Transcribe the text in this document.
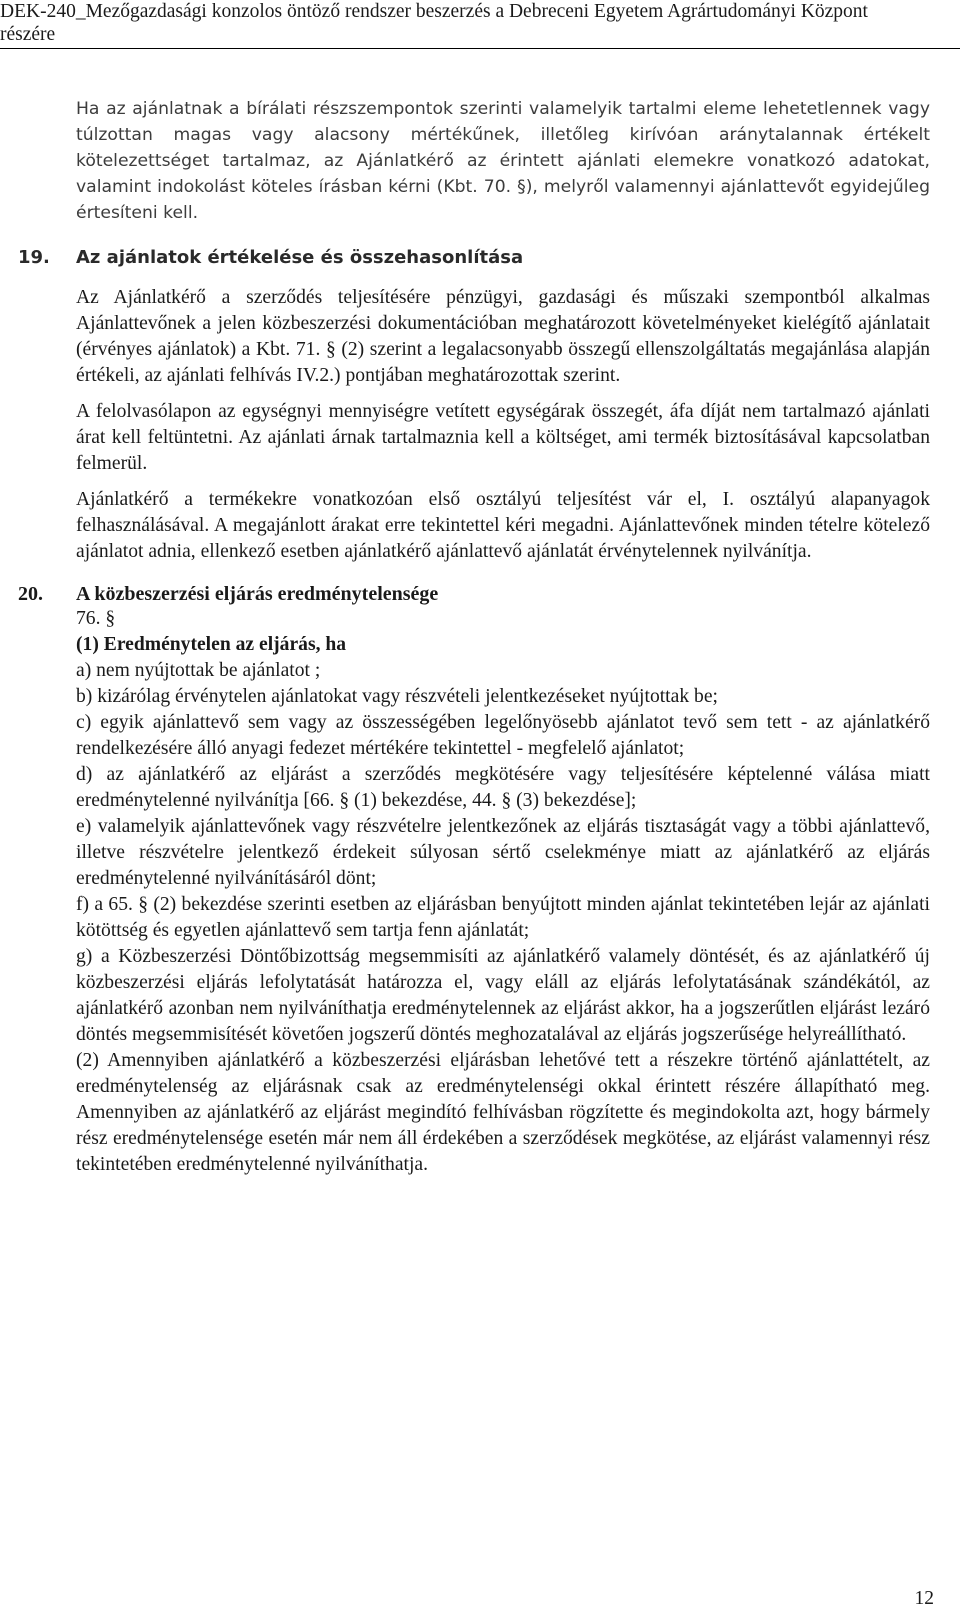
DEK-240_Mezőgazdasági konzolos öntöző rendszer beszerzés a Debreceni Egyetem Agrártudományi Központ
részére

Ha az ajánlatnak a bírálati részszempontok szerinti valamelyik tartalmi eleme lehetetlennek vagy túlzottan magas vagy alacsony mértékűnek, illetőleg kirívóan aránytalannak értékelt kötelezettséget tartalmaz, az Ajánlatkérő az érintett ajánlati elemekre vonatkozó adatokat, valamint indokolást köteles írásban kérni (Kbt. 70. §), melyről valamennyi ajánlattevőt egyidejűleg értesíteni kell.

19. Az ajánlatok értékelése és összehasonlítása

Az Ajánlatkérő a szerződés teljesítésére pénzügyi, gazdasági és műszaki szempontból alkalmas Ajánlattevőnek a jelen közbeszerzési dokumentációban meghatározott követelményeket kielégítő ajánlatait (érvényes ajánlatok) a Kbt. 71. § (2) szerint a legalacsonyabb összegű ellenszolgáltatás megajánlása alapján értékeli, az ajánlati felhívás IV.2.) pontjában meghatározottak szerint.

A felolvasólapon az egységnyi mennyiségre vetített egységárak összegét, áfa díját nem tartalmazó ajánlati árat kell feltüntetni. Az ajánlati árnak tartalmaznia kell a költséget, ami termék biztosításával kapcsolatban felmerül.

Ajánlatkérő a termékekre vonatkozóan első osztályú teljesítést vár el, I. osztályú alapanyagok felhasználásával. A megajánlott árakat erre tekintettel kéri megadni. Ajánlattevőnek minden tételre kötelező ajánlatot adnia, ellenkező esetben ajánlatkérő ajánlattevő ajánlatát érvénytelennek nyilvánítja.

20. A közbeszerzési eljárás eredménytelensége
76. §
(1) Eredménytelen az eljárás, ha

a) nem nyújtottak be ajánlatot ;

b) kizárólag érvénytelen ajánlatokat vagy részvételi jelentkezéseket nyújtottak be;

c) egyik ajánlattevő sem vagy az összességében legelőnyösebb ajánlatot tevő sem tett - az ajánlatkérő rendelkezésére álló anyagi fedezet mértékére tekintettel - megfelelő ajánlatot;

d) az ajánlatkérő az eljárást a szerződés megkötésére vagy teljesítésére képtelenné válása miatt eredménytelenné nyilvánítja [66. § (1) bekezdése, 44. § (3) bekezdése];

e) valamelyik ajánlattevőnek vagy részvételre jelentkezőnek az eljárás tisztaságát vagy a többi ajánlattevő, illetve részvételre jelentkező érdekeit súlyosan sértő cselekménye miatt az ajánlatkérő az eljárás eredménytelenné nyilvánításáról dönt;

f) a 65. § (2) bekezdése szerinti esetben az eljárásban benyújtott minden ajánlat tekintetében lejár az ajánlati kötöttség és egyetlen ajánlattevő sem tartja fenn ajánlatát;

g) a Közbeszerzési Döntőbizottság megsemmisíti az ajánlatkérő valamely döntését, és az ajánlatkérő új közbeszerzési eljárás lefolytatását határozza el, vagy eláll az eljárás lefolytatásának szándékától, az ajánlatkérő azonban nem nyilváníthatja eredménytelennek az eljárást akkor, ha a jogszerűtlen eljárást lezáró döntés megsemmisítését követően jogszerű döntés meghozatalával az eljárás jogszerűsége helyreállítható.

(2) Amennyiben ajánlatkérő a közbeszerzési eljárásban lehetővé tett a részekre történő ajánlattételt, az eredménytelenség az eljárásnak csak az eredménytelenségi okkal érintett részére állapítható meg. Amennyiben az ajánlatkérő az eljárást megindító felhívásban rögzítette és megindokolta azt, hogy bármely rész eredménytelensége esetén már nem áll érdekében a szerződések megkötése, az eljárást valamennyi rész tekintetében eredménytelenné nyilváníthatja.

12
